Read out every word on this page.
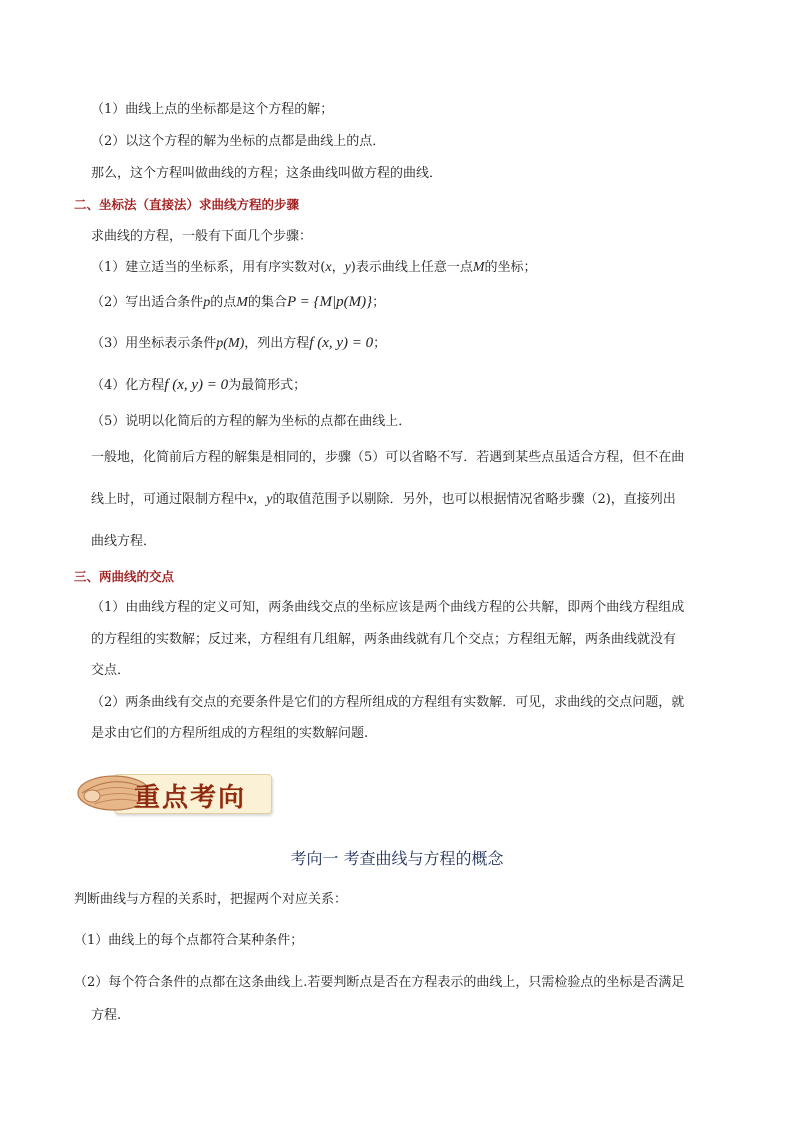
（1）曲线上点的坐标都是这个方程的解；
（2）以这个方程的解为坐标的点都是曲线上的点．
那么，这个方程叫做曲线的方程；这条曲线叫做方程的曲线．
二、坐标法（直接法）求曲线方程的步骤
求曲线的方程，一般有下面几个步骤：
（1）建立适当的坐标系，用有序实数对(x，y)表示曲线上任意一点M的坐标；
（2）写出适合条件p的点M的集合P = {M|p(M)}；
（3）用坐标表示条件p(M)，列出方程f (x, y) = 0；
（4）化方程f (x, y) = 0为最简形式；
（5）说明以化简后的方程的解为坐标的点都在曲线上．
一般地，化简前后方程的解集是相同的，步骤（5）可以省略不写．若遇到某些点虽适合方程，但不在曲
线上时，可通过限制方程中x，y的取值范围予以剔除．另外，也可以根据情况省略步骤（2)，直接列出
曲线方程．
三、两曲线的交点
（1）由曲线方程的定义可知，两条曲线交点的坐标应该是两个曲线方程的公共解，即两个曲线方程组成
的方程组的实数解；反过来，方程组有几组解，两条曲线就有几个交点；方程组无解，两条曲线就没有
交点．
（2）两条曲线有交点的充要条件是它们的方程所组成的方程组有实数解．可见，求曲线的交点问题，就
是求由它们的方程所组成的方程组的实数解问题.
重点考向
考向一 考查曲线与方程的概念
判断曲线与方程的关系时，把握两个对应关系：
（1）曲线上的每个点都符合某种条件；
（2）每个符合条件的点都在这条曲线上.若要判断点是否在方程表示的曲线上，只需检验点的坐标是否满足
方程.
